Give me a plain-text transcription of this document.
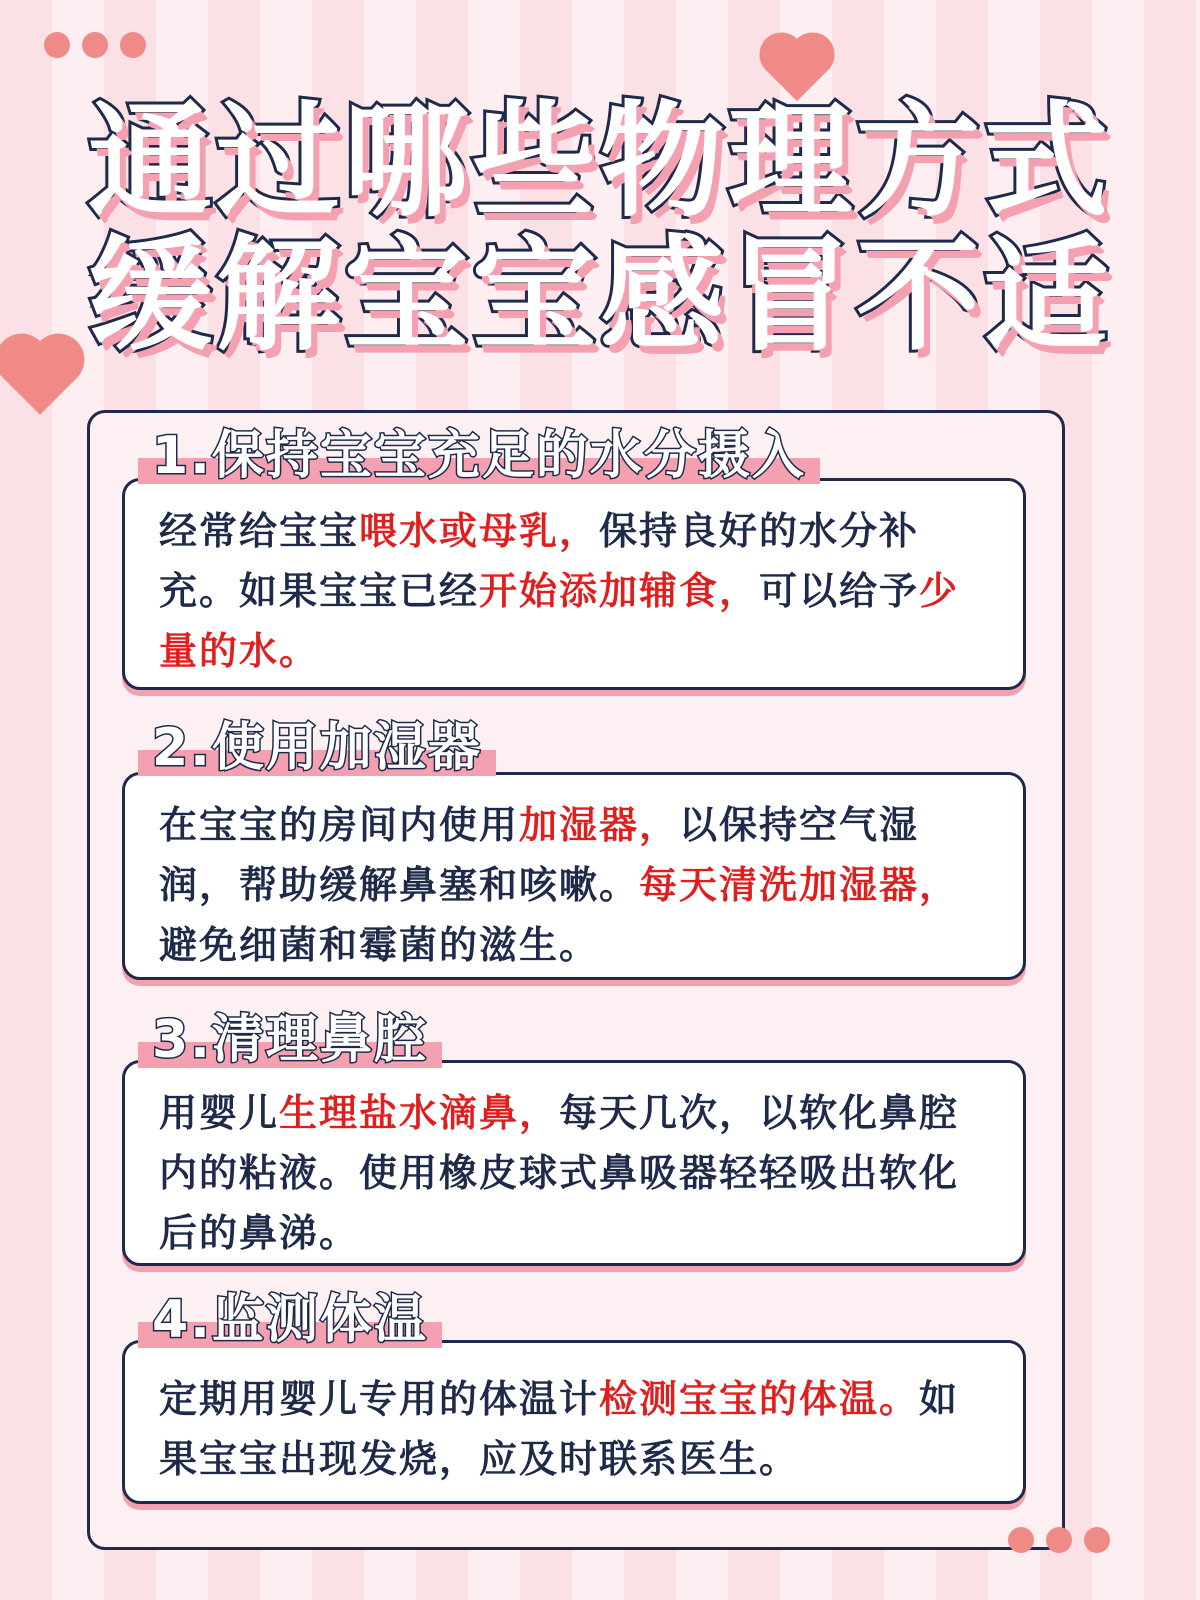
通过哪些物理方式
缓解宝宝感冒不适
1.保持宝宝充足的水分摄入

经常给宝宝喂水或母乳，保持良好的水分补充。如果宝宝已经开始添加辅食，可以给予少量的水。

2.使用加湿器

在宝宝的房间内使用加湿器，以保持空气湿润，帮助缓解鼻塞和咳嗽。每天清洗加湿器，避免细菌和霉菌的滋生。

3.清理鼻腔

用婴儿生理盐水滴鼻，每天几次，以软化鼻腔内的粘液。使用橡皮球式鼻吸器轻轻吸出软化后的鼻涕。

4.监测体温

定期用婴儿专用的体温计检测宝宝的体温。如果宝宝出现发烧，应及时联系医生。
